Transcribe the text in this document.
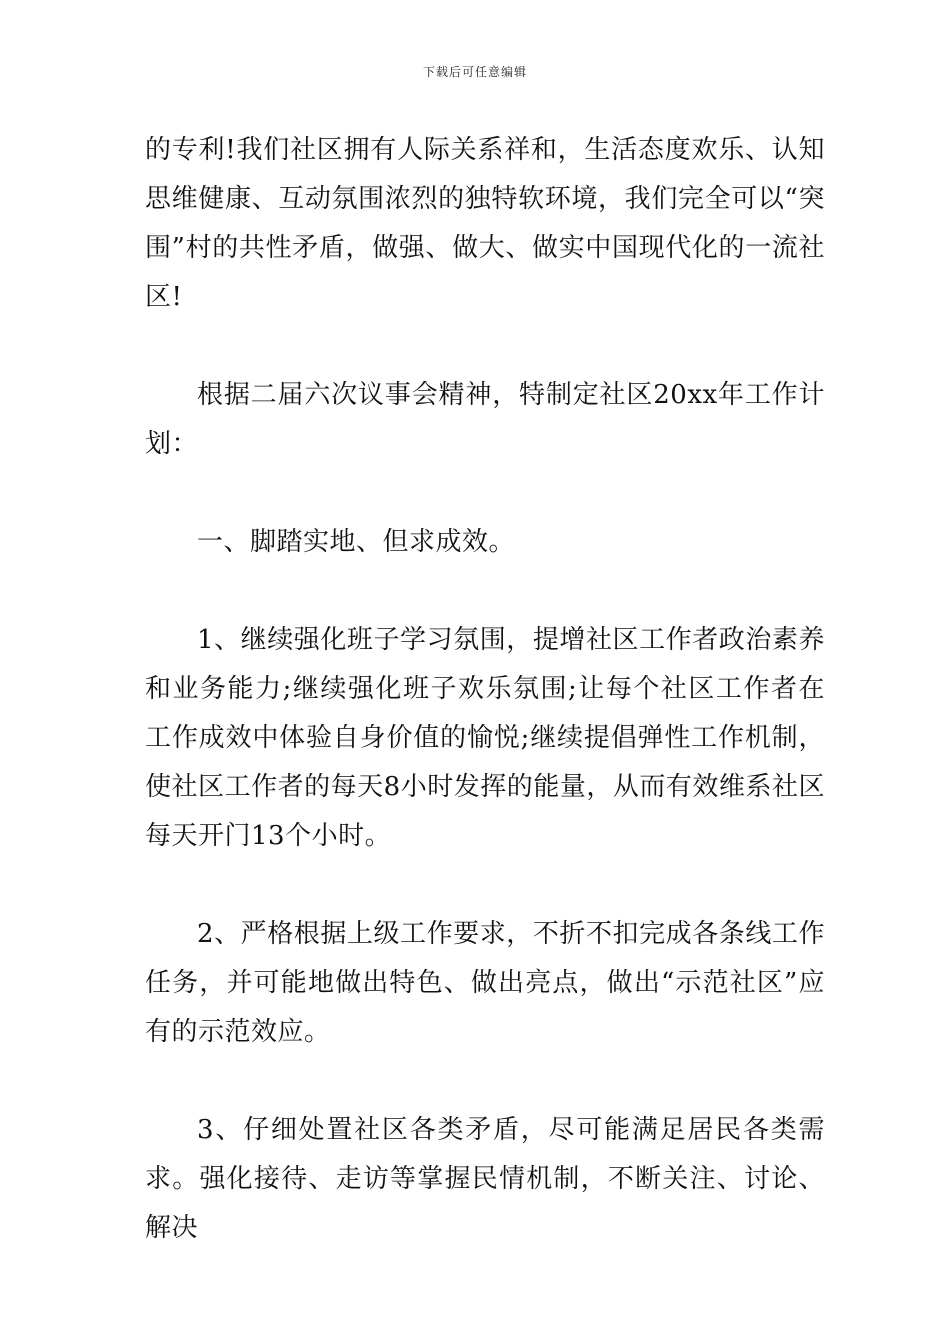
下载后可任意编辑

的专利!我们社区拥有人际关系祥和，生活态度欢乐、认知思维健康、互动氛围浓烈的独特软环境，我们完全可以“突围”村的共性矛盾，做强、做大、做实中国现代化的一流社区!

根据二届六次议事会精神，特制定社区20xx年工作计划：

一、脚踏实地、但求成效。

1、继续强化班子学习氛围，提增社区工作者政治素养和业务能力;继续强化班子欢乐氛围;让每个社区工作者在工作成效中体验自身价值的愉悦;继续提倡弹性工作机制，使社区工作者的每天8小时发挥的能量，从而有效维系社区每天开门13个小时。

2、严格根据上级工作要求，不折不扣完成各条线工作任务，并可能地做出特色、做出亮点，做出“示范社区”应有的示范效应。

3、仔细处置社区各类矛盾，尽可能满足居民各类需求。强化接待、走访等掌握民情机制，不断关注、讨论、解决
